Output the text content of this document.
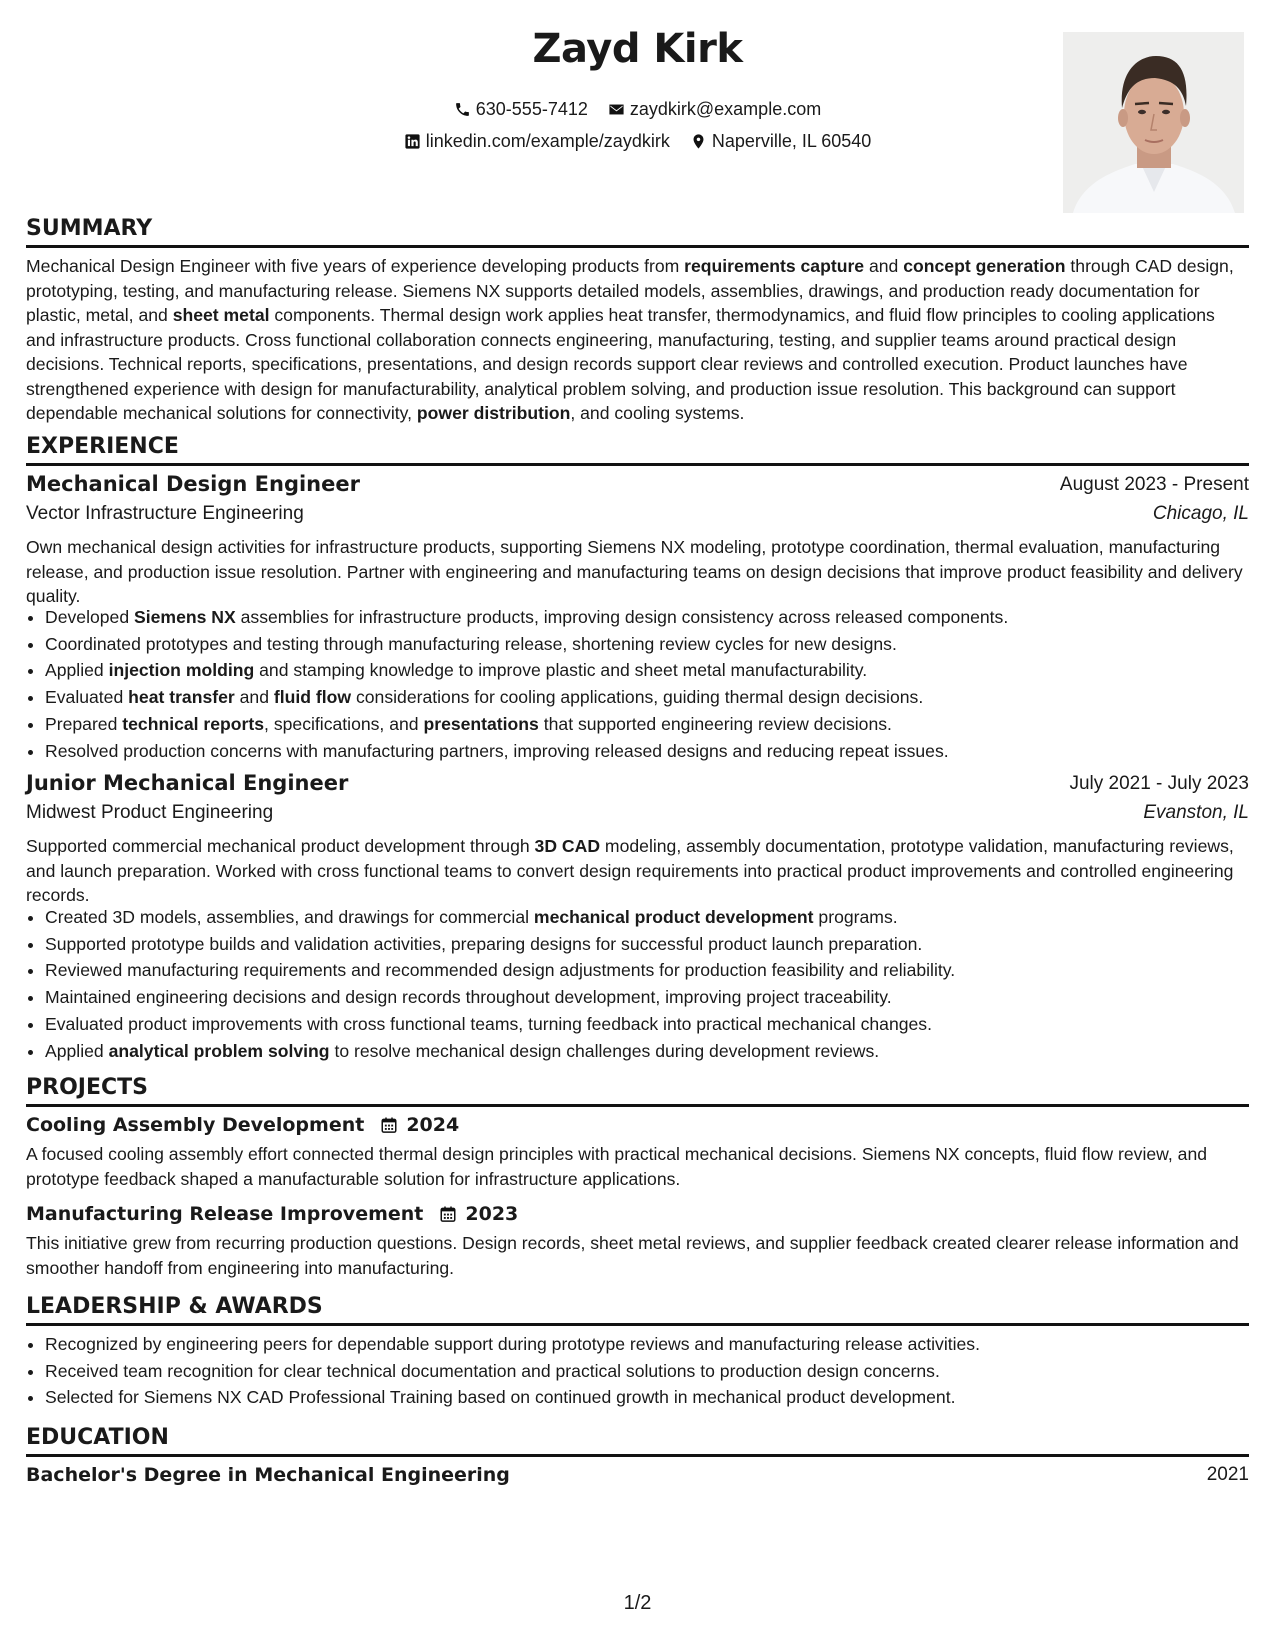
Zayd Kirk
630-555-7412 zaydkirk@example.com
linkedin.com/example/zaydkirk Naperville, IL 60540
SUMMARY
Mechanical Design Engineer with five years of experience developing products from requirements capture and concept generation through CAD design, prototyping, testing, and manufacturing release. Siemens NX supports detailed models, assemblies, drawings, and production ready documentation for plastic, metal, and sheet metal components. Thermal design work applies heat transfer, thermodynamics, and fluid flow principles to cooling applications and infrastructure products. Cross functional collaboration connects engineering, manufacturing, testing, and supplier teams around practical design decisions. Technical reports, specifications, presentations, and design records support clear reviews and controlled execution. Product launches have strengthened experience with design for manufacturability, analytical problem solving, and production issue resolution. This background can support dependable mechanical solutions for connectivity, power distribution, and cooling systems.
EXPERIENCE
Mechanical Design Engineer	August 2023 - Present
Vector Infrastructure Engineering	Chicago, IL
Own mechanical design activities for infrastructure products, supporting Siemens NX modeling, prototype coordination, thermal evaluation, manufacturing release, and production issue resolution. Partner with engineering and manufacturing teams on design decisions that improve product feasibility and delivery quality.
• Developed Siemens NX assemblies for infrastructure products, improving design consistency across released components.
• Coordinated prototypes and testing through manufacturing release, shortening review cycles for new designs.
• Applied injection molding and stamping knowledge to improve plastic and sheet metal manufacturability.
• Evaluated heat transfer and fluid flow considerations for cooling applications, guiding thermal design decisions.
• Prepared technical reports, specifications, and presentations that supported engineering review decisions.
• Resolved production concerns with manufacturing partners, improving released designs and reducing repeat issues.
Junior Mechanical Engineer	July 2021 - July 2023
Midwest Product Engineering	Evanston, IL
Supported commercial mechanical product development through 3D CAD modeling, assembly documentation, prototype validation, manufacturing reviews, and launch preparation. Worked with cross functional teams to convert design requirements into practical product improvements and controlled engineering records.
• Created 3D models, assemblies, and drawings for commercial mechanical product development programs.
• Supported prototype builds and validation activities, preparing designs for successful product launch preparation.
• Reviewed manufacturing requirements and recommended design adjustments for production feasibility and reliability.
• Maintained engineering decisions and design records throughout development, improving project traceability.
• Evaluated product improvements with cross functional teams, turning feedback into practical mechanical changes.
• Applied analytical problem solving to resolve mechanical design challenges during development reviews.
PROJECTS
Cooling Assembly Development 2024
A focused cooling assembly effort connected thermal design principles with practical mechanical decisions. Siemens NX concepts, fluid flow review, and prototype feedback shaped a manufacturable solution for infrastructure applications.
Manufacturing Release Improvement 2023
This initiative grew from recurring production questions. Design records, sheet metal reviews, and supplier feedback created clearer release information and smoother handoff from engineering into manufacturing.
LEADERSHIP & AWARDS
• Recognized by engineering peers for dependable support during prototype reviews and manufacturing release activities.
• Received team recognition for clear technical documentation and practical solutions to production design concerns.
• Selected for Siemens NX CAD Professional Training based on continued growth in mechanical product development.
EDUCATION
Bachelor's Degree in Mechanical Engineering	2021
1/2
